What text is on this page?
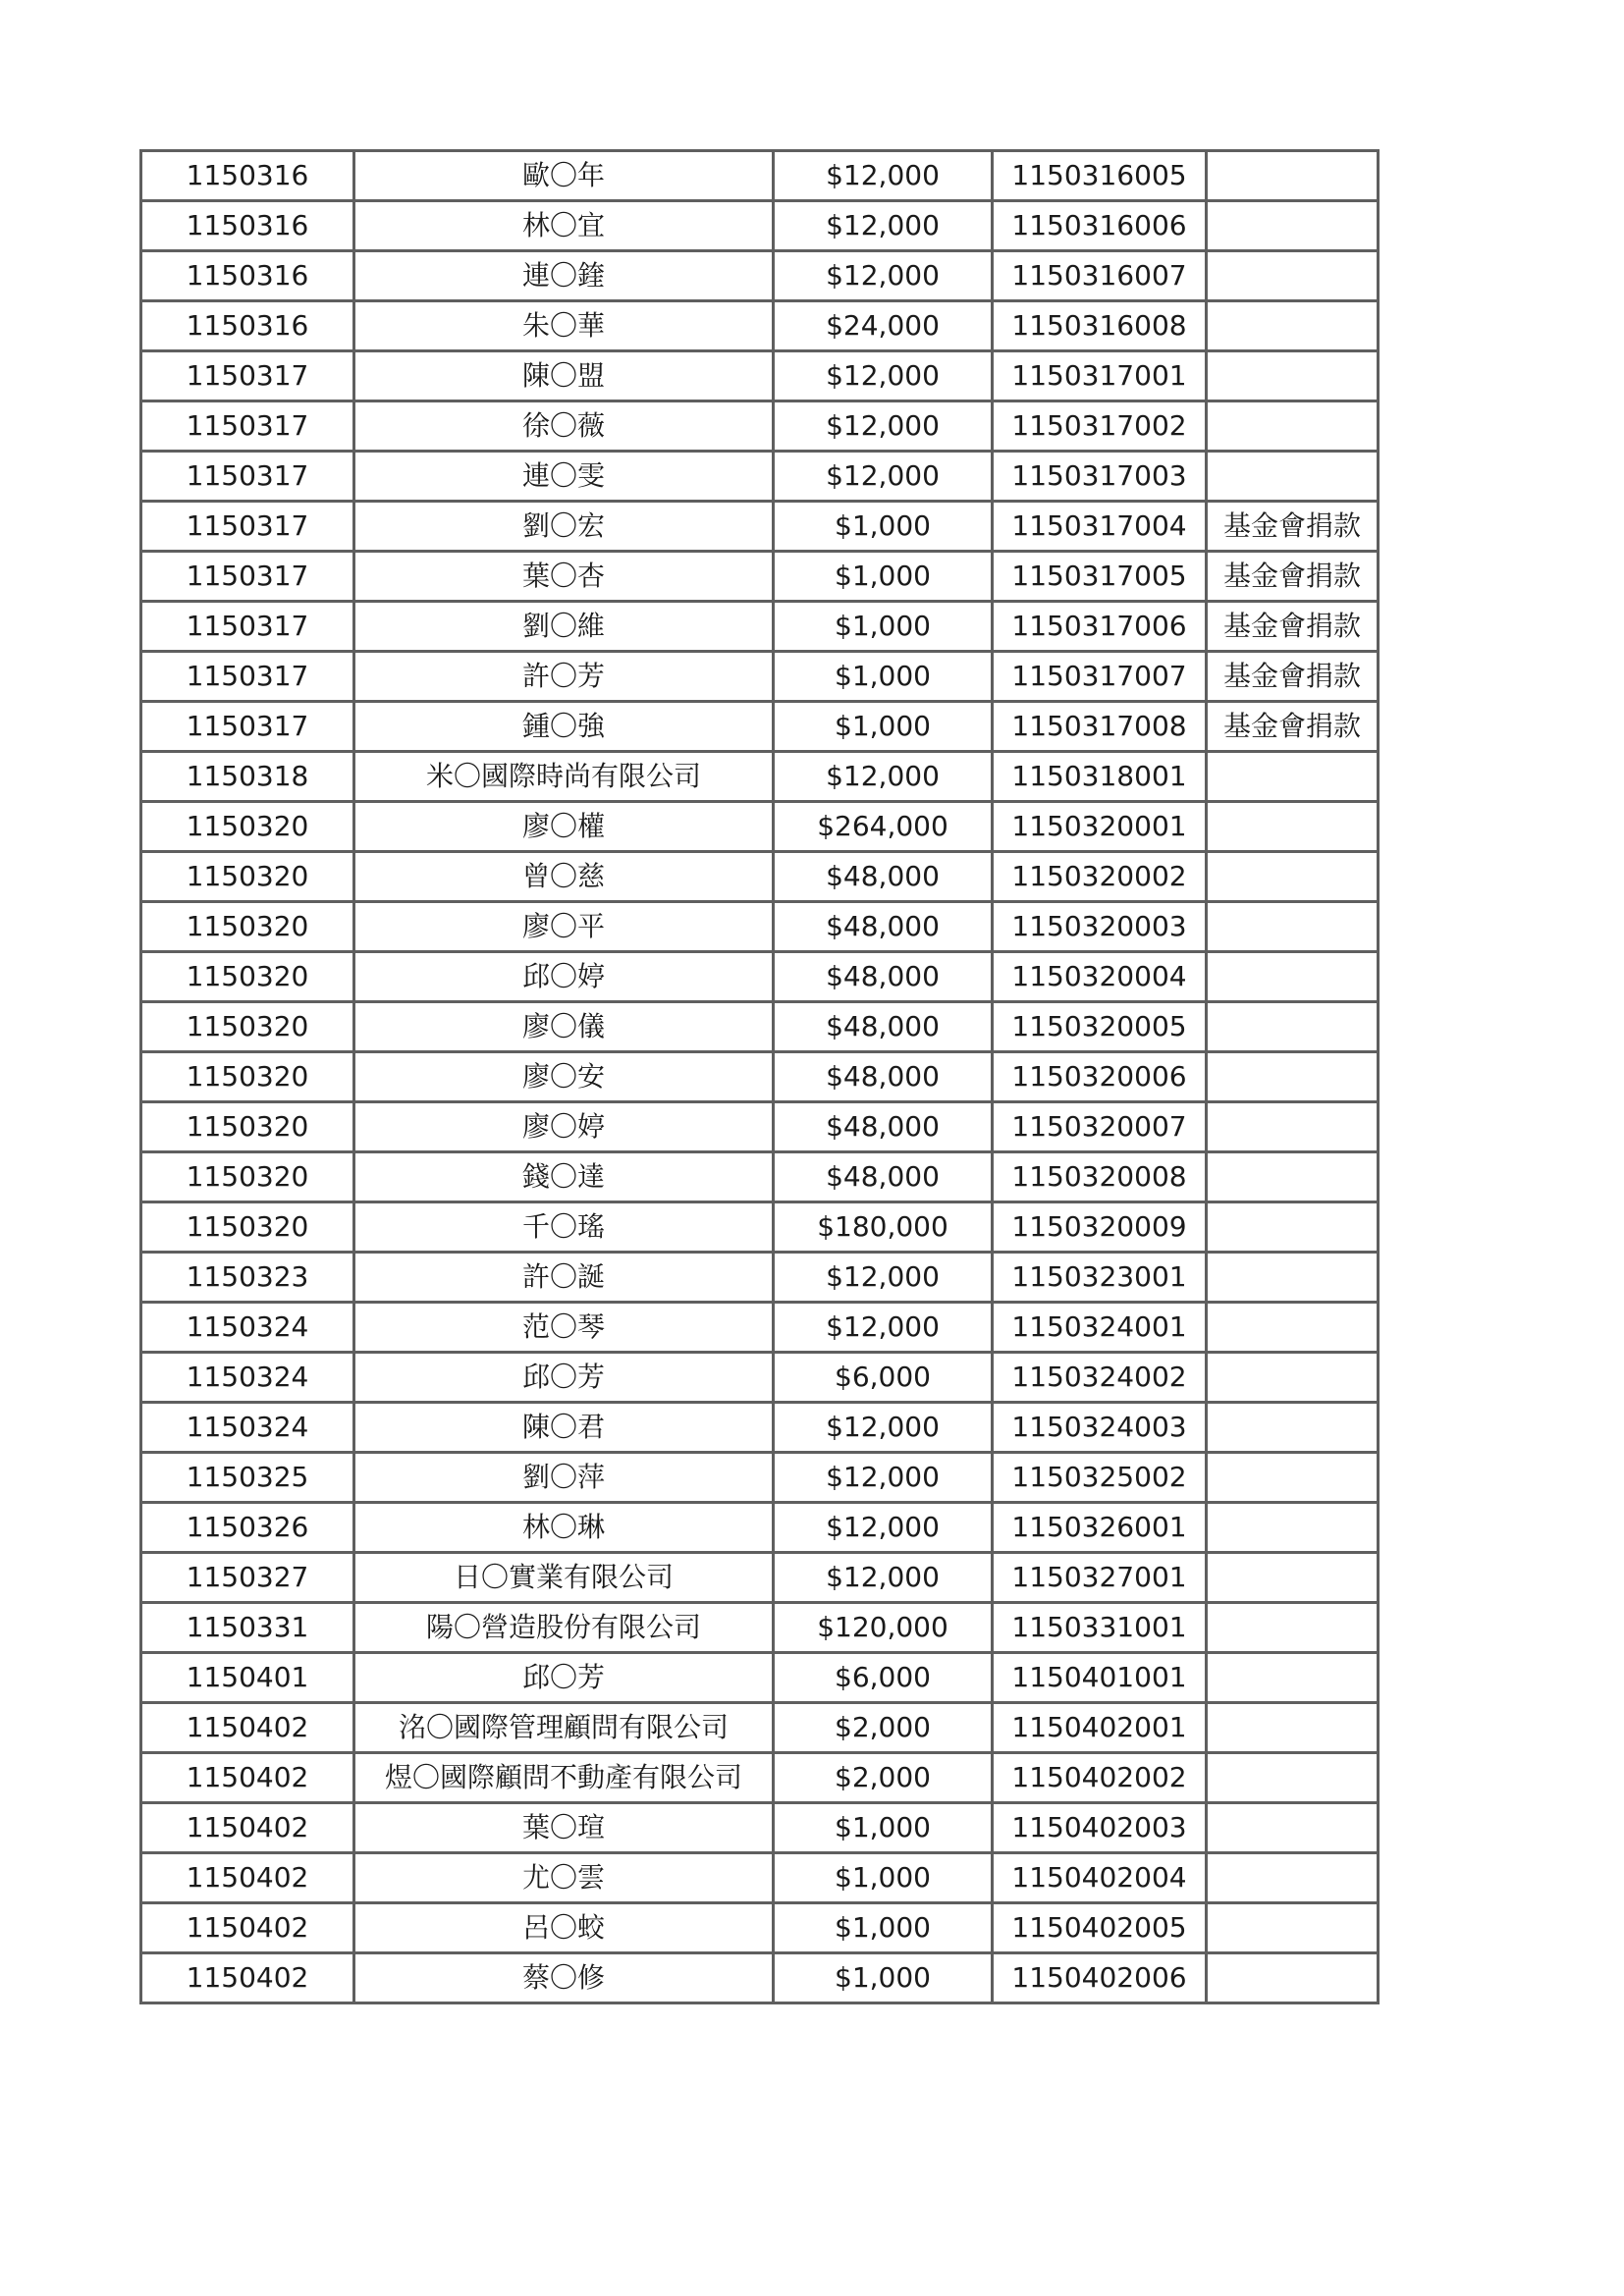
1150316	歐〇年	$12,000	1150316005	
1150316	林〇宜	$12,000	1150316006	
1150316	連〇鍷	$12,000	1150316007	
1150316	朱〇華	$24,000	1150316008	
1150317	陳〇盟	$12,000	1150317001	
1150317	徐〇薇	$12,000	1150317002	
1150317	連〇雯	$12,000	1150317003	
1150317	劉〇宏	$1,000	1150317004	基金會捐款
1150317	葉〇杏	$1,000	1150317005	基金會捐款
1150317	劉〇維	$1,000	1150317006	基金會捐款
1150317	許〇芳	$1,000	1150317007	基金會捐款
1150317	鍾〇強	$1,000	1150317008	基金會捐款
1150318	米〇國際時尚有限公司	$12,000	1150318001	
1150320	廖〇權	$264,000	1150320001	
1150320	曾〇慈	$48,000	1150320002	
1150320	廖〇平	$48,000	1150320003	
1150320	邱〇婷	$48,000	1150320004	
1150320	廖〇儀	$48,000	1150320005	
1150320	廖〇安	$48,000	1150320006	
1150320	廖〇婷	$48,000	1150320007	
1150320	錢〇達	$48,000	1150320008	
1150320	千〇瑤	$180,000	1150320009	
1150323	許〇誕	$12,000	1150323001	
1150324	范〇琴	$12,000	1150324001	
1150324	邱〇芳	$6,000	1150324002	
1150324	陳〇君	$12,000	1150324003	
1150325	劉〇萍	$12,000	1150325002	
1150326	林〇琳	$12,000	1150326001	
1150327	日〇實業有限公司	$12,000	1150327001	
1150331	陽〇營造股份有限公司	$120,000	1150331001	
1150401	邱〇芳	$6,000	1150401001	
1150402	洺〇國際管理顧問有限公司	$2,000	1150402001	
1150402	煜〇國際顧問不動產有限公司	$2,000	1150402002	
1150402	葉〇瑄	$1,000	1150402003	
1150402	尤〇雲	$1,000	1150402004	
1150402	呂〇蛟	$1,000	1150402005	
1150402	蔡〇修	$1,000	1150402006	
